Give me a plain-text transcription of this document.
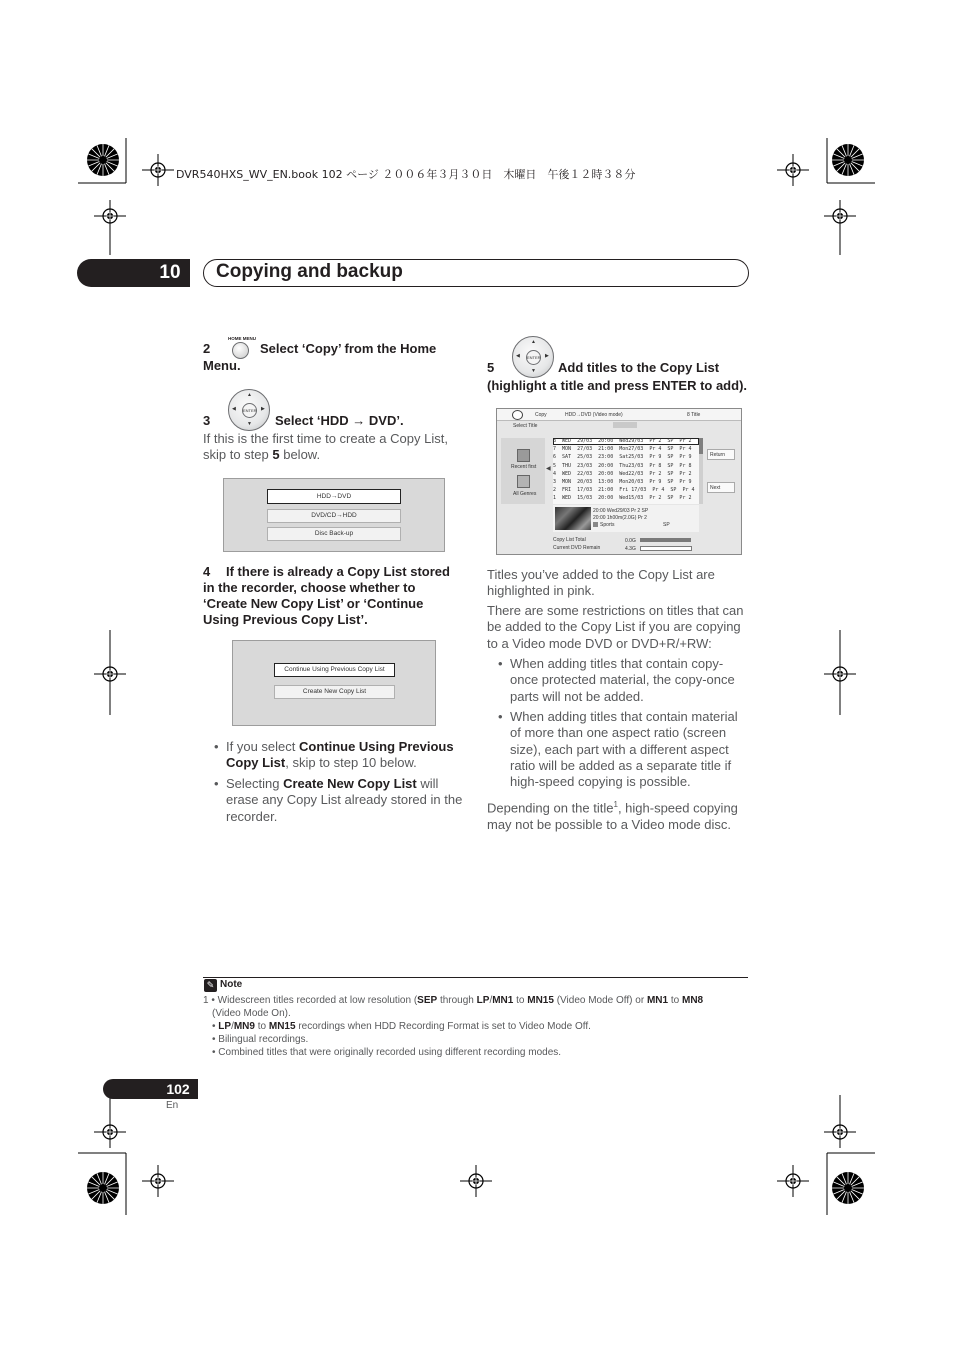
DVR540HXS_WV_EN.book 102 ページ ２００６年３月３０日　木曜日　午後１２時３８分
10	Copying and backup
2
HOME MENU
Select ‘Copy’ from the Home
Menu.
3
ENTER
▲
▼
◀	▶
Select ‘HDD → DVD’.
If this is the first time to create a Copy List,
skip to step 5 below.
HDD→DVD
DVD/CD→HDD
Disc Back-up
4 If there is already a Copy List stored
in the recorder, choose whether to
‘Create New Copy List’ or ‘Continue
Using Previous Copy List’.
Continue Using Previous Copy List
Create New Copy List
• If you select Continue Using Previous Copy List, skip to step 10 below.
• Selecting Create New Copy List will erase any Copy List already stored in the recorder.
5
ENTER
▲
▼
◀	▶
Add titles to the Copy List
(highlight a title and press ENTER to add).
Copy	HDD→DVD (Video mode)	8 Title
Select Title
Recent first
All Genres
◀
8  WED  29/03  20:00  Wed29/03  Pr 2  SP  Pr 2
7  MON  27/03  21:00  Mon27/03  Pr 4  SP  Pr 4
6  SAT  25/03  23:00  Sat25/03  Pr 9  SP  Pr 9
5  THU  23/03  20:00  Thu23/03  Pr 8  SP  Pr 8
4  WED  22/03  20:00  Wed22/03  Pr 2  SP  Pr 2
3  MON  20/03  13:00  Mon20/03  Pr 9  SP  Pr 9
2  FRI  17/03  21:00  Fri 17/03  Pr 4  SP  Pr 4
1  WED  15/03  20:00  Wed15/03  Pr 2  SP  Pr 2
Return
Next
20:00 Wed29/03 Pr 2 SP
20:00 1h00m(2.0G) Pr 2
Sports	SP
Copy List Total	0.0G
Current DVD Remain	4.3G
Titles you’ve added to the Copy List are highlighted in pink.
There are some restrictions on titles that can be added to the Copy List if you are copying to a Video mode DVD or DVD+R/+RW:
• When adding titles that contain copy-once protected material, the copy-once parts will not be added.
• When adding titles that contain material of more than one aspect ratio (screen size), each part with a different aspect ratio will be added as a separate title if high-speed copying is possible.
Depending on the title$^1$, high-speed copying may not be possible to a Video mode disc.
✎ Note
1 • Widescreen titles recorded at low resolution (SEP through LP/MN1 to MN15 (Video Mode Off) or MN1 to MN8
(Video Mode On).
• LP/MN9 to MN15 recordings when HDD Recording Format is set to Video Mode Off.
• Bilingual recordings.
• Combined titles that were originally recorded using different recording modes.
102
En
